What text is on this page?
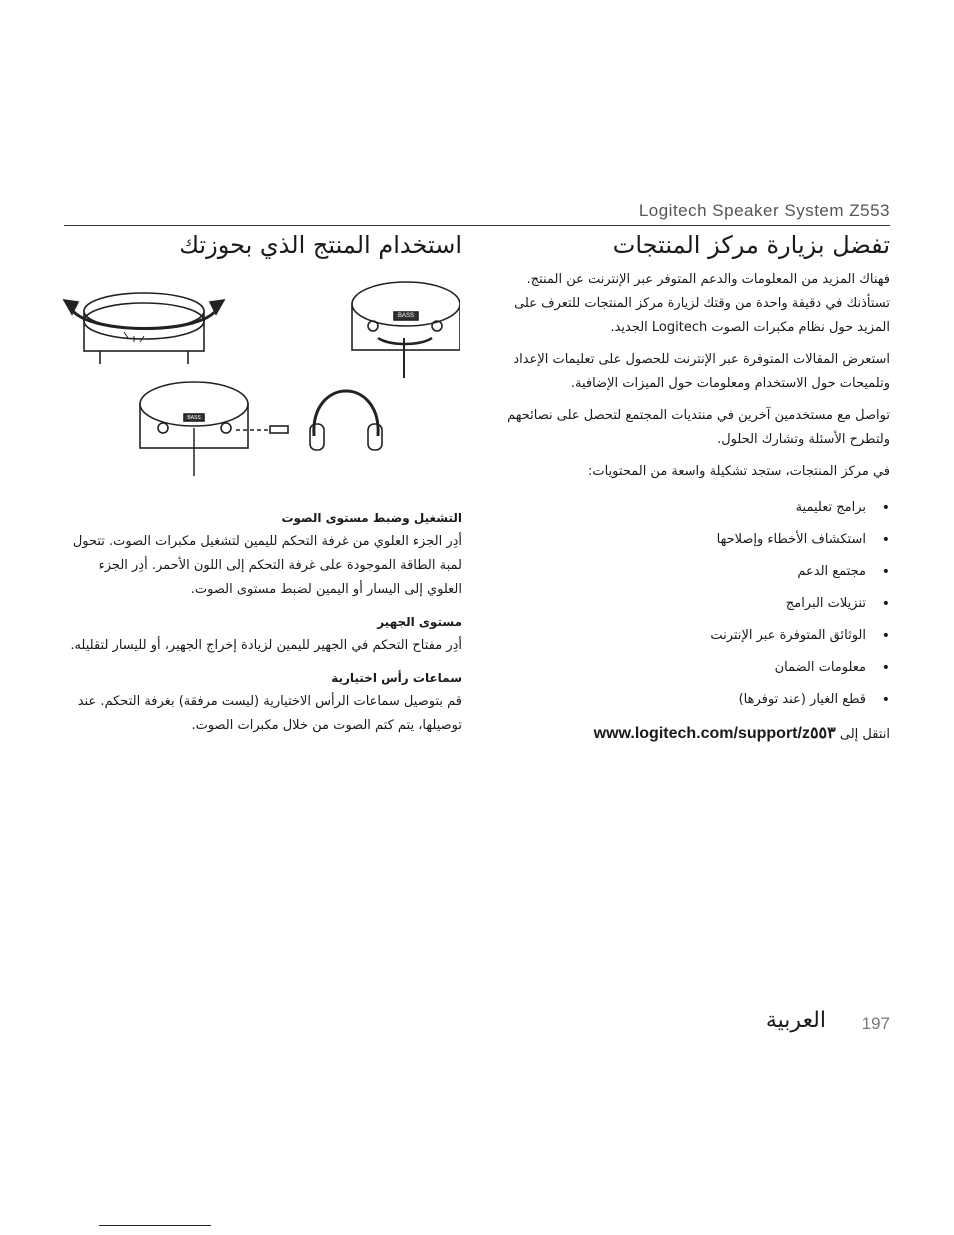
Logitech Speaker System Z553
BASS
BASS
تفضل بزيارة مركز المنتجات

فهناك المزيد من المعلومات والدعم المتوفر عبر الإنترنت عن المنتج. تستأذنك في دقيقة واحدة من وقتك لزيارة مركز المنتجات للتعرف على المزيد حول نظام مكبرات الصوت Logitech الجديد.

استعرض المقالات المتوفرة عبر الإنترنت للحصول على تعليمات الإعداد وتلميحات حول الاستخدام ومعلومات حول الميزات الإضافية.

تواصل مع مستخدمين آخرين في منتديات المجتمع لتحصل على نصائحهم ولتطرح الأسئلة وتشارك الحلول.

في مركز المنتجات، ستجد تشكيلة واسعة من المحتويات:

• برامج تعليمية
• استكشاف الأخطاء وإصلاحها
• مجتمع الدعم
• تنزيلات البرامج
• الوثائق المتوفرة عبر الإنترنت
• معلومات الضمان
• قطع الغيار (عند توفرها)
انتقل إلى www.logitech.com/support/z٥٥٣
استخدام المنتج الذي بحوزتك
التشغيل وضبط مستوى الصوت

أدِر الجزء العلوي من غرفة التحكم لليمين لتشغيل مكبرات الصوت. تتحول لمبة الطاقة الموجودة على غرفة التحكم إلى اللون الأحمر. أدِر الجزء العلوي إلى اليسار أو اليمين لضبط مستوى الصوت.

مستوى الجهير

أدِر مفتاح التحكم في الجهير لليمين لزيادة إخراج الجهير، أو لليسار لتقليله.

سماعات رأس اختيارية

قم بتوصيل سماعات الرأس الاختيارية (ليست مرفقة) بغرفة التحكم. عند توصيلها، يتم كتم الصوت من خلال مكبرات الصوت.

العربية 197
